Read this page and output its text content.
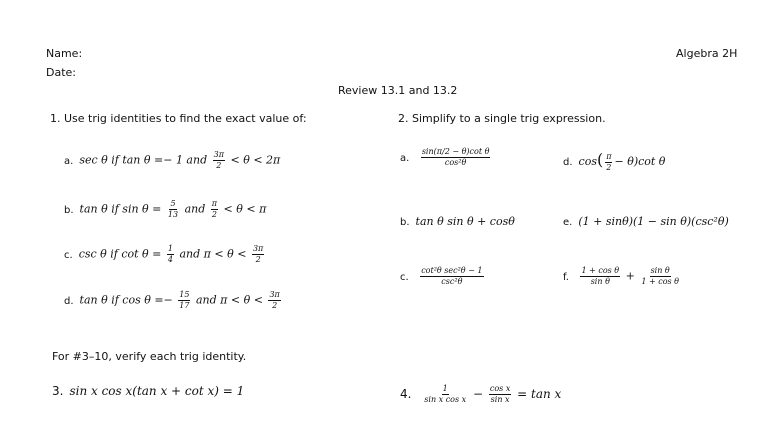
Name:
Date:
Algebra 2H
Review 13.1 and 13.2
1. Use trig identities to find the exact value of:
a. sec θ if tan θ =− 1 and $\frac{3\pi}{2} < \theta < 2\pi$
b. tan θ if $\sin \theta = \frac{5}{13}$ and $\frac{\pi}{2} < \theta < \pi$
c. csc θ if $\cot \theta = \frac{1}{4}$ and $\pi < \theta < \frac{3\pi}{2}$
d. tan θ if $\cos \theta =- \frac{15}{17}$ and $\pi < \theta < \frac{3\pi}{2}$
2. Simplify to a single trig expression.
a. $\frac{\text{sin(π/2 − θ)cot θ}}{\text{cos²θ}}$	d. $\cos( \frac{\pi}{2} - \theta)\cot$ θ
b. tan θ sin θ + cosθ	e. (1 + sinθ)(1 − sin θ)(csc²θ)
c. $\frac{\text{cot²θ sec²θ − 1}}{\text{csc²θ}}$	f. $\frac{\text{1 + cos θ}}{\text{sin θ}} + \frac{\text{sin θ}}{\text{1 + cos θ}}$
For #3–10, verify each trig identity.
3. sin x cos x(tan x + cot x) = 1	4. $\frac{1}{\text{sin x cos x}} - \frac{\text{cos x}}{\text{sin x}} = \tan x$
